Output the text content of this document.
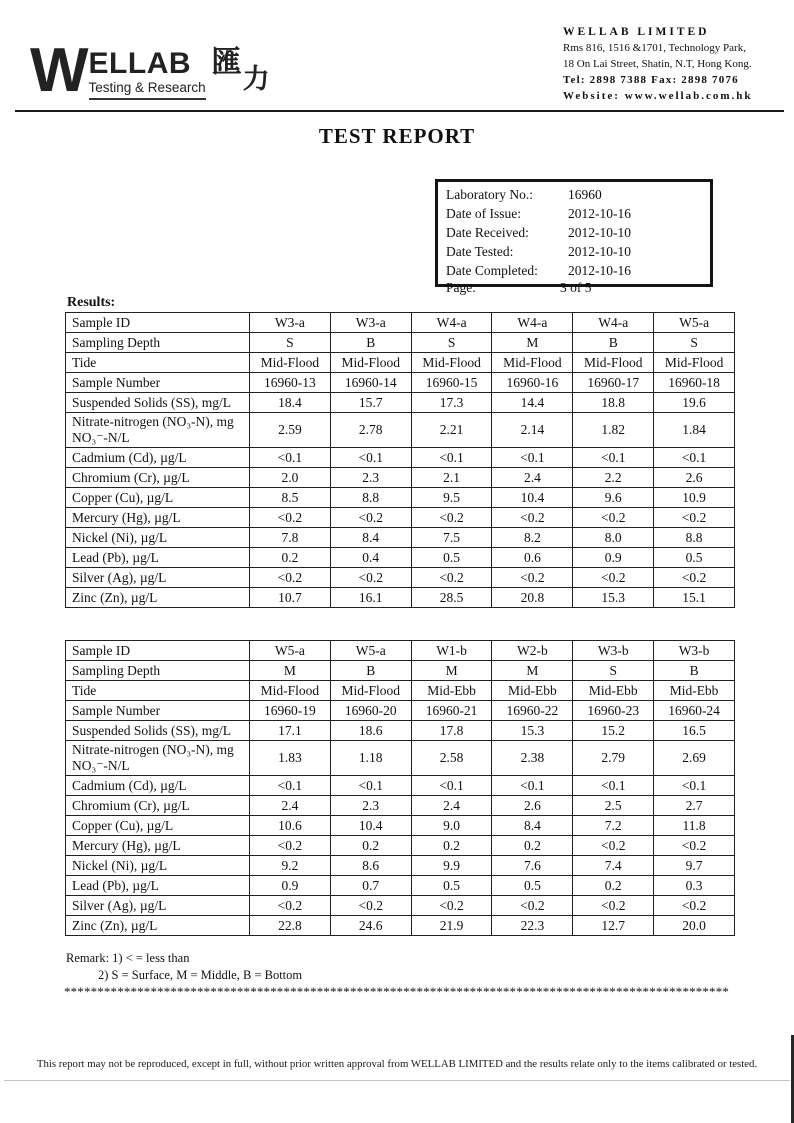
W ELLAB
Testing & Research
匯 力
WELLAB LIMITED
Rms 816, 1516 &1701, Technology Park,
18 On Lai Street, Shatin, N.T, Hong Kong.
Tel: 2898 7388 Fax: 2898 7076
Website: www.wellab.com.hk
TEST REPORT
Laboratory No.:	16960
Date of Issue:	2012-10-16
Date Received:	2012-10-10
Date Tested:	2012-10-10
Date Completed:	2012-10-16
Page:	3 of 5
Results:
Sample ID	W3-a	W3-a	W4-a	W4-a	W4-a	W5-a
Sampling Depth	S	B	S	M	B	S
Tide	Mid-Flood	Mid-Flood	Mid-Flood	Mid-Flood	Mid-Flood	Mid-Flood
Sample Number	16960-13	16960-14	16960-15	16960-16	16960-17	16960-18
Suspended Solids (SS), mg/L	18.4	15.7	17.3	14.4	18.8	19.6
Nitrate-nitrogen (NO₃-N), mg NO₃⁻-N/L	2.59	2.78	2.21	2.14	1.82	1.84
Cadmium (Cd), µg/L	<0.1	<0.1	<0.1	<0.1	<0.1	<0.1
Chromium (Cr), µg/L	2.0	2.3	2.1	2.4	2.2	2.6
Copper (Cu), µg/L	8.5	8.8	9.5	10.4	9.6	10.9
Mercury (Hg), µg/L	<0.2	<0.2	<0.2	<0.2	<0.2	<0.2
Nickel (Ni), µg/L	7.8	8.4	7.5	8.2	8.0	8.8
Lead (Pb), µg/L	0.2	0.4	0.5	0.6	0.9	0.5
Silver (Ag), µg/L	<0.2	<0.2	<0.2	<0.2	<0.2	<0.2
Zinc (Zn), µg/L	10.7	16.1	28.5	20.8	15.3	15.1
Sample ID	W5-a	W5-a	W1-b	W2-b	W3-b	W3-b
Sampling Depth	M	B	M	M	S	B
Tide	Mid-Flood	Mid-Flood	Mid-Ebb	Mid-Ebb	Mid-Ebb	Mid-Ebb
Sample Number	16960-19	16960-20	16960-21	16960-22	16960-23	16960-24
Suspended Solids (SS), mg/L	17.1	18.6	17.8	15.3	15.2	16.5
Nitrate-nitrogen (NO₃-N), mg NO₃⁻-N/L	1.83	1.18	2.58	2.38	2.79	2.69
Cadmium (Cd), µg/L	<0.1	<0.1	<0.1	<0.1	<0.1	<0.1
Chromium (Cr), µg/L	2.4	2.3	2.4	2.6	2.5	2.7
Copper (Cu), µg/L	10.6	10.4	9.0	8.4	7.2	11.8
Mercury (Hg), µg/L	<0.2	0.2	0.2	0.2	<0.2	<0.2
Nickel (Ni), µg/L	9.2	8.6	9.9	7.6	7.4	9.7
Lead (Pb), µg/L	0.9	0.7	0.5	0.5	0.2	0.3
Silver (Ag), µg/L	<0.2	<0.2	<0.2	<0.2	<0.2	<0.2
Zinc (Zn), µg/L	22.8	24.6	21.9	22.3	12.7	20.0
Remark: 1) < = less than
2) S = Surface, M = Middle, B = Bottom
****************************************************************************************************
This report may not be reproduced, except in full, without prior written approval from WELLAB LIMITED and the results relate only to the items calibrated or tested.
